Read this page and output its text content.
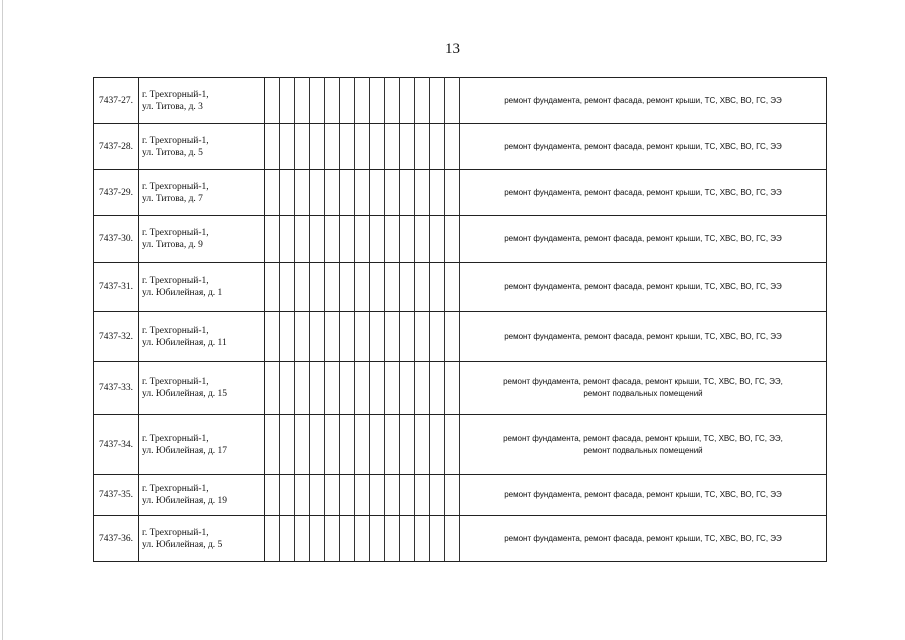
13
7437-27.	г. Трехгорный-1,
ул. Титова, д. 3														ремонт фундамента, ремонт фасада, ремонт крыши, ТС, ХВС, ВО, ГС, ЭЭ

7437-28.	г. Трехгорный-1,
ул. Титова, д. 5														ремонт фундамента, ремонт фасада, ремонт крыши, ТС, ХВС, ВО, ГС, ЭЭ

7437-29.	г. Трехгорный-1,
ул. Титова, д. 7														ремонт фундамента, ремонт фасада, ремонт крыши, ТС, ХВС, ВО, ГС, ЭЭ

7437-30.	г. Трехгорный-1,
ул. Титова, д. 9														ремонт фундамента, ремонт фасада, ремонт крыши, ТС, ХВС, ВО, ГС, ЭЭ

7437-31.	г. Трехгорный-1,
ул. Юбилейная, д. 1														ремонт фундамента, ремонт фасада, ремонт крыши, ТС, ХВС, ВО, ГС, ЭЭ

7437-32.	г. Трехгорный-1,
ул. Юбилейная, д. 11														ремонт фундамента, ремонт фасада, ремонт крыши, ТС, ХВС, ВО, ГС, ЭЭ

7437-33.	г. Трехгорный-1,
ул. Юбилейная, д. 15														ремонт фундамента, ремонт фасада, ремонт крыши, ТС, ХВС, ВО, ГС, ЭЭ,
ремонт подвальных помещений

7437-34.	г. Трехгорный-1,
ул. Юбилейная, д. 17														ремонт фундамента, ремонт фасада, ремонт крыши, ТС, ХВС, ВО, ГС, ЭЭ,
ремонт подвальных помещений

7437-35.	г. Трехгорный-1,
ул. Юбилейная, д. 19														ремонт фундамента, ремонт фасада, ремонт крыши, ТС, ХВС, ВО, ГС, ЭЭ

7437-36.	г. Трехгорный-1,
ул. Юбилейная, д. 5														ремонт фундамента, ремонт фасада, ремонт крыши, ТС, ХВС, ВО, ГС, ЭЭ
